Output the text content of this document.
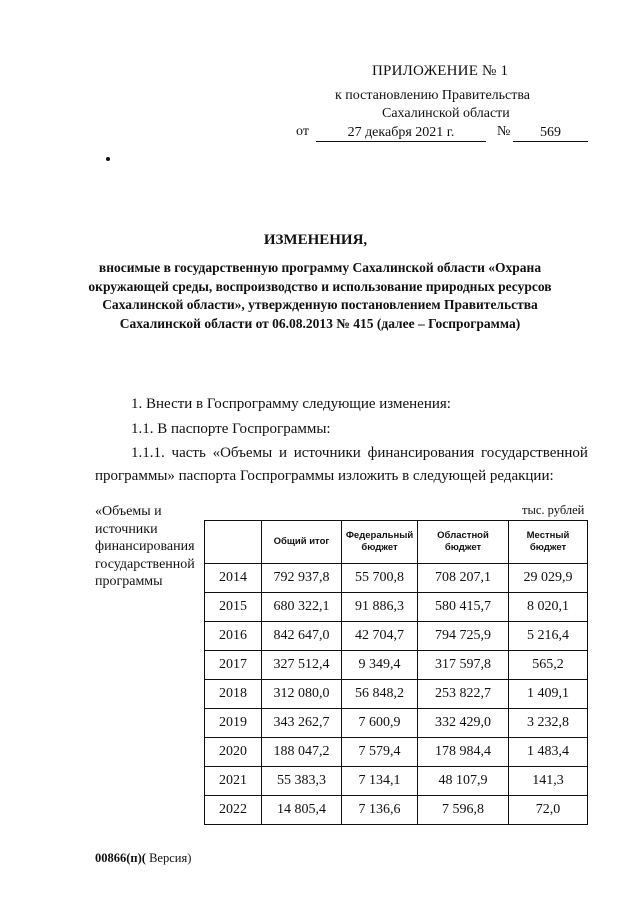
ПРИЛОЖЕНИЕ № 1
к постановлению Правительства
Сахалинской области
от	27 декабря 2021 г.	№	569
ИЗМЕНЕНИЯ,
вносимые в государственную программу Сахалинской области «Охрана окружающей среды, воспроизводство и использование природных ресурсов Сахалинской области», утвержденную постановлением Правительства Сахалинской области от 06.08.2013 № 415 (далее – Госпрограмма)
1. Внести в Госпрограмму следующие изменения:
1.1. В паспорте Госпрограммы:
1.1.1. часть «Объемы и источники финансирования государственной
программы» паспорта Госпрограммы изложить в следующей редакции:
«Объемы и
источники
финансирования
государственной
программы
тыс. рублей
	Общий итог	Федеральный бюджет	Областной бюджет	Местный бюджет
2014	792 937,8	55 700,8	708 207,1	29 029,9
2015	680 322,1	91 886,3	580 415,7	8 020,1
2016	842 647,0	42 704,7	794 725,9	5 216,4
2017	327 512,4	9 349,4	317 597,8	565,2
2018	312 080,0	56 848,2	253 822,7	1 409,1
2019	343 262,7	7 600,9	332 429,0	3 232,8
2020	188 047,2	7 579,4	178 984,4	1 483,4
2021	55 383,3	7 134,1	48 107,9	141,3
2022	14 805,4	7 136,6	7 596,8	72,0
00866(п)( Версия)
